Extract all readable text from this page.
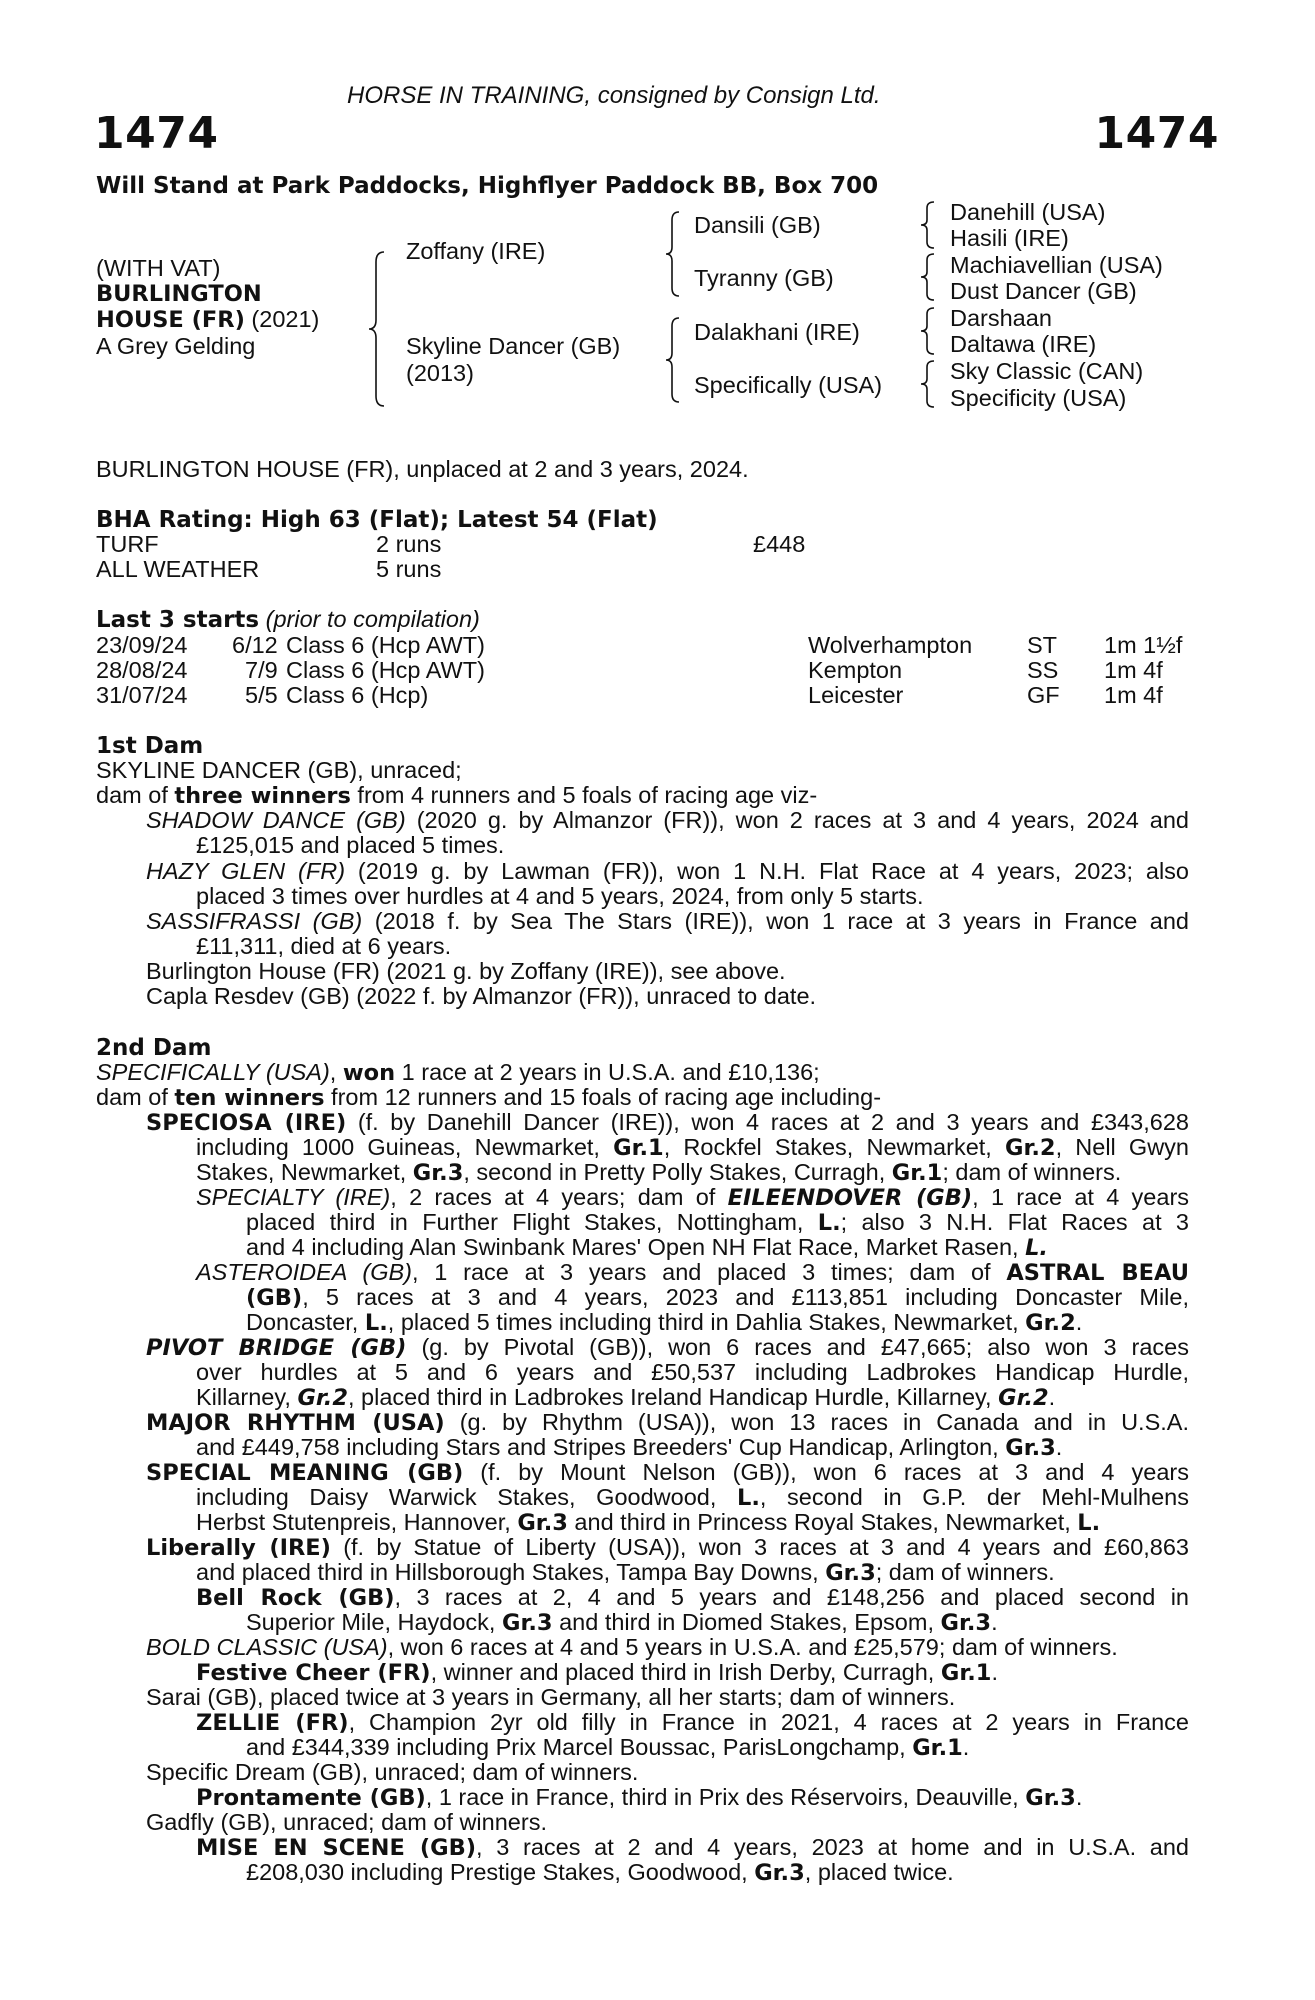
HORSE IN TRAINING, consigned by Consign Ltd.
1474	1474
Will Stand at Park Paddocks, Highflyer Paddock BB, Box 700
(WITH VAT)
BURLINGTON
HOUSE (FR) (2021)
A Grey Gelding
Zoffany (IRE)
Skyline Dancer (GB)
(2013)
Dansili (GB)
Tyranny (GB)
Dalakhani (IRE)
Specifically (USA)
Danehill (USA)
Hasili (IRE)
Machiavellian (USA)
Dust Dancer (GB)
Darshaan
Daltawa (IRE)
Sky Classic (CAN)
Specificity (USA)
BURLINGTON HOUSE (FR), unplaced at 2 and 3 years, 2024.
BHA Rating: High 63 (Flat); Latest 54 (Flat)
TURF	2 runs	£448
ALL WEATHER	5 runs
Last 3 starts (prior to compilation)
23/09/24 6/12 Class 6 (Hcp AWT)	Wolverhampton ST 1m 1½f
28/08/24 7/9 Class 6 (Hcp AWT)	Kempton	SS 1m 4f
31/07/24 5/5 Class 6 (Hcp)	Leicester	GF 1m 4f
1st Dam
SKYLINE DANCER (GB), unraced;
dam of three winners from 4 runners and 5 foals of racing age viz-
SHADOW DANCE (GB) (2020 g. by Almanzor (FR)), won 2 races at 3 and 4 years, 2024 and
£125,015 and placed 5 times.
HAZY GLEN (FR) (2019 g. by Lawman (FR)), won 1 N.H. Flat Race at 4 years, 2023; also
placed 3 times over hurdles at 4 and 5 years, 2024, from only 5 starts.
SASSIFRASSI (GB) (2018 f. by Sea The Stars (IRE)), won 1 race at 3 years in France and
£11,311, died at 6 years.
Burlington House (FR) (2021 g. by Zoffany (IRE)), see above.
Capla Resdev (GB) (2022 f. by Almanzor (FR)), unraced to date.
2nd Dam
SPECIFICALLY (USA), won 1 race at 2 years in U.S.A. and £10,136;
dam of ten winners from 12 runners and 15 foals of racing age including-
SPECIOSA (IRE) (f. by Danehill Dancer (IRE)), won 4 races at 2 and 3 years and £343,628
including 1000 Guineas, Newmarket, Gr.1, Rockfel Stakes, Newmarket, Gr.2, Nell Gwyn
Stakes, Newmarket, Gr.3, second in Pretty Polly Stakes, Curragh, Gr.1; dam of winners.
SPECIALTY (IRE), 2 races at 4 years; dam of EILEENDOVER (GB), 1 race at 4 years
placed third in Further Flight Stakes, Nottingham, L.; also 3 N.H. Flat Races at 3
and 4 including Alan Swinbank Mares' Open NH Flat Race, Market Rasen, L.
ASTEROIDEA (GB), 1 race at 3 years and placed 3 times; dam of ASTRAL BEAU
(GB), 5 races at 3 and 4 years, 2023 and £113,851 including Doncaster Mile,
Doncaster, L., placed 5 times including third in Dahlia Stakes, Newmarket, Gr.2.
PIVOT BRIDGE (GB) (g. by Pivotal (GB)), won 6 races and £47,665; also won 3 races
over hurdles at 5 and 6 years and £50,537 including Ladbrokes Handicap Hurdle,
Killarney, Gr.2, placed third in Ladbrokes Ireland Handicap Hurdle, Killarney, Gr.2.
MAJOR RHYTHM (USA) (g. by Rhythm (USA)), won 13 races in Canada and in U.S.A.
and £449,758 including Stars and Stripes Breeders' Cup Handicap, Arlington, Gr.3.
SPECIAL MEANING (GB) (f. by Mount Nelson (GB)), won 6 races at 3 and 4 years
including Daisy Warwick Stakes, Goodwood, L., second in G.P. der Mehl-Mulhens
Herbst Stutenpreis, Hannover, Gr.3 and third in Princess Royal Stakes, Newmarket, L.
Liberally (IRE) (f. by Statue of Liberty (USA)), won 3 races at 3 and 4 years and £60,863
and placed third in Hillsborough Stakes, Tampa Bay Downs, Gr.3; dam of winners.
Bell Rock (GB), 3 races at 2, 4 and 5 years and £148,256 and placed second in
Superior Mile, Haydock, Gr.3 and third in Diomed Stakes, Epsom, Gr.3.
BOLD CLASSIC (USA), won 6 races at 4 and 5 years in U.S.A. and £25,579; dam of winners.
Festive Cheer (FR), winner and placed third in Irish Derby, Curragh, Gr.1.
Sarai (GB), placed twice at 3 years in Germany, all her starts; dam of winners.
ZELLIE (FR), Champion 2yr old filly in France in 2021, 4 races at 2 years in France
and £344,339 including Prix Marcel Boussac, ParisLongchamp, Gr.1.
Specific Dream (GB), unraced; dam of winners.
Prontamente (GB), 1 race in France, third in Prix des Réservoirs, Deauville, Gr.3.
Gadfly (GB), unraced; dam of winners.
MISE EN SCENE (GB), 3 races at 2 and 4 years, 2023 at home and in U.S.A. and
£208,030 including Prestige Stakes, Goodwood, Gr.3, placed twice.
